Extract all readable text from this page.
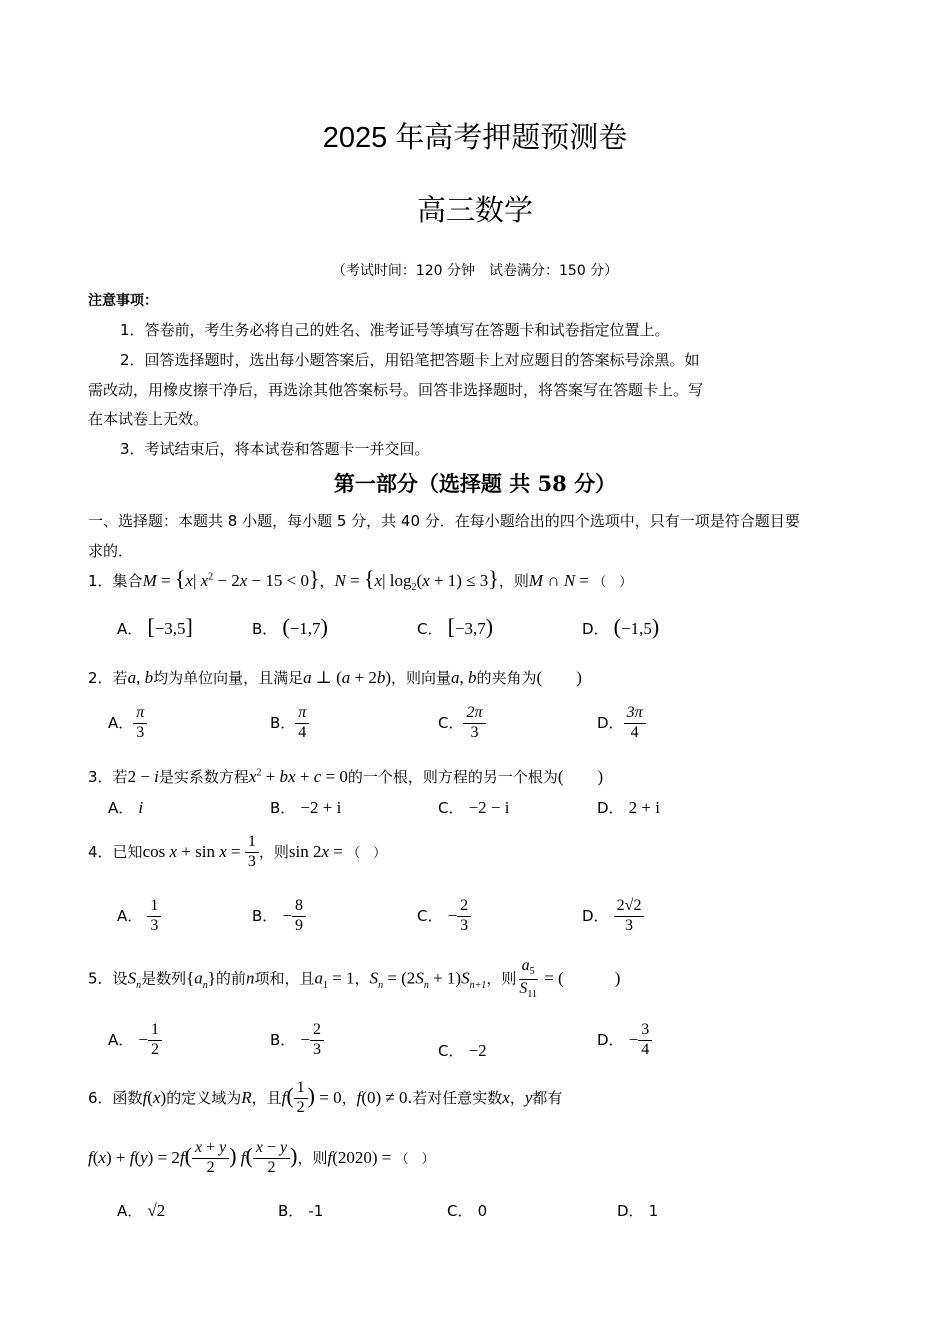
2025 年高考押题预测卷
高三数学
（考试时间：120 分钟　试卷满分：150 分）
注意事项：
1．答卷前，考生务必将自己的姓名、准考证号等填写在答题卡和试卷指定位置上。
2．回答选择题时，选出每小题答案后，用铅笔把答题卡上对应题目的答案标号涂黑。如
需改动，用橡皮擦干净后，再选涂其他答案标号。回答非选择题时，将答案写在答题卡上。写
在本试卷上无效。
3．考试结束后，将本试卷和答题卡一并交回。
第一部分（选择题 共 58 分）
一、选择题：本题共 8 小题，每小题 5 分，共 40 分．在每小题给出的四个选项中，只有一项是符合题目要
求的．
1．集合M = {x| $x^2 - 2x - 15 < 0$}，N = {x| $\log_2(x + 1) \le 3$}，则M ∩ N = （　）
A． [−3,5]	B． (−1,7)	C． [−3,7)	D． (−1,5)
2．若a, b均为单位向量，且满足a ⊥ (a + 2b)，则向量a, b的夹角为(　　)
A． $\frac{\pi}{3}$	B． $\frac{\pi}{4}$	C． $\frac{2\pi}{3}$	D． $\frac{3\pi}{4}$
3．若2 − i是实系数方程$x^2$ + bx + c = 0的一个根，则方程的另一个根为(　　)
A． i	B． −2 + i	C． −2 − i	D． 2 + i
4．已知$\cos x + \sin x = \frac{1}{3}$ ，则sin 2x = （　）
A． $\frac{1}{3}$	B． − $\frac{8}{9}$	C． − $\frac{2}{3}$	D． $\frac{2√2}{3}$
5．设$S_n$是数列$\{a_n\}$的前n项和，且$a_1 = 1$，$S_n = (2S_n + 1)S_{n+1}$，则 $\frac{a_5}{S_{11}}$ = (　　　)
A． − $\frac{1}{2}$	B． − $\frac{2}{3}$	C． −2
D． − $\frac{3}{4}$
6．函数f(x)的定义域为R，且$f( \frac{1}{2}$ ) = 0，f(0) ≠ 0.若对任意实数x，y都有
$f(x) + f(y) = 2f( \frac{x + y}{2}$ ) $f( \frac{x - y}{2}$ )，则f(2020) = （　）
A． √2	B． -1	C． 0	D． 1
